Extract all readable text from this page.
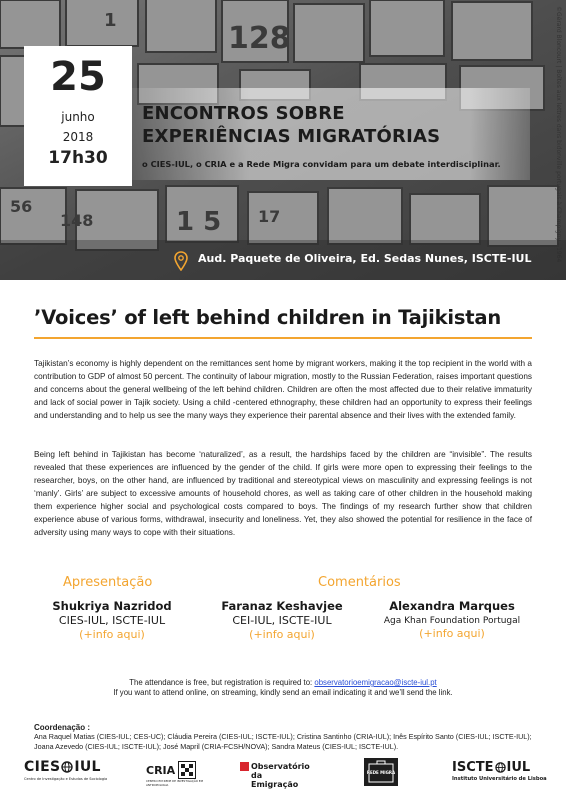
128
1
148
56
1 5 17
25
junho
2018
17h30
ENCONTROS SOBRE
EXPERIÊNCIAS MIGRATÓRIAS
o CIES-IUL, o CRIA e a Rede Migra convidam para um debate interdisciplinar.	©Gérard Bloncourt | Boîtes aux lettres dans bidonville portugais à Champigny - 1964
Aud. Paquete de Oliveira, Ed. Sedas Nunes, ISCTE-IUL
’Voices’ of left behind children in Tajikistan

Tajikistan’s economy is highly dependent on the remittances sent home by migrant workers, making it the top recipient in the world with a contribution to GDP of almost 50 percent. The continuity of labour migration, mostly to the Russian Federation, raises important questions and concerns about the general wellbeing of the left behind children. Children are often the most affected due to their relative immaturity and lack of social power in Tajik society. Using a child -centered ethnography, these children had an opportunity to express their feelings and understanding and to help us see the many ways they experience their parental absence and their lives with the extended family.

Being left behind in Tajikistan has become ‘naturalized’, as a result, the hardships faced by the children are “invisible”. The results revealed that these experiences are influenced by the gender of the child. If girls were more open to expressing their feelings to the researcher, boys, on the other hand, are influenced by traditional and stereotypical views on masculinity and expressing feelings is not ‘manly’. Girls’ are subject to excessive amounts of household chores, as well as taking care of other children in the household making them experience higher social and psychological costs compared to boys. The findings of my research further show that children experience abuse of various forms, withdrawal, insecurity and loneliness. Yet, they also showed the potential for resilience in the face of adversity using many ways to cope with their situations.

Apresentação	Comentários
Shukriya Nazridod
CIES-IUL, ISCTE-IUL
(+info aqui)
Faranaz Keshavjee
CEI-IUL, ISCTE-IUL
(+info aqui)
Alexandra Marques
Aga Khan Foundation Portugal
(+info aqui)
The attendance is free, but registration is required to: observatorioemigracao@iscte-iul.pt
If you want to attend online, on streaming, kindly send an email indicating it and we’ll send the link.
Coordenação :

Ana Raquel Matias (CIES-IUL; CES-UC); Cláudia Pereira (CIES-IUL; ISCTE-IUL); Cristina Santinho (CRIA-IUL); Inês Espírito Santo (CIES-IUL; ISCTE-IUL); Joana Azevedo (CIES-IUL; ISCTE-IUL); José Mapril (CRIA-FCSH/NOVA); Sandra Mateus (CIES-IUL; ISCTE-IUL).

CIES IUL
Centro de Investigação e Estudos de Sociologia
CRIA
CENTRO EM REDE DE INVESTIGAÇÃO EM ANTROPOLOGIA
Observatório
da Emigração
REDE MIGRA	ISCTE IUL
Instituto Universitário de Lisboa
